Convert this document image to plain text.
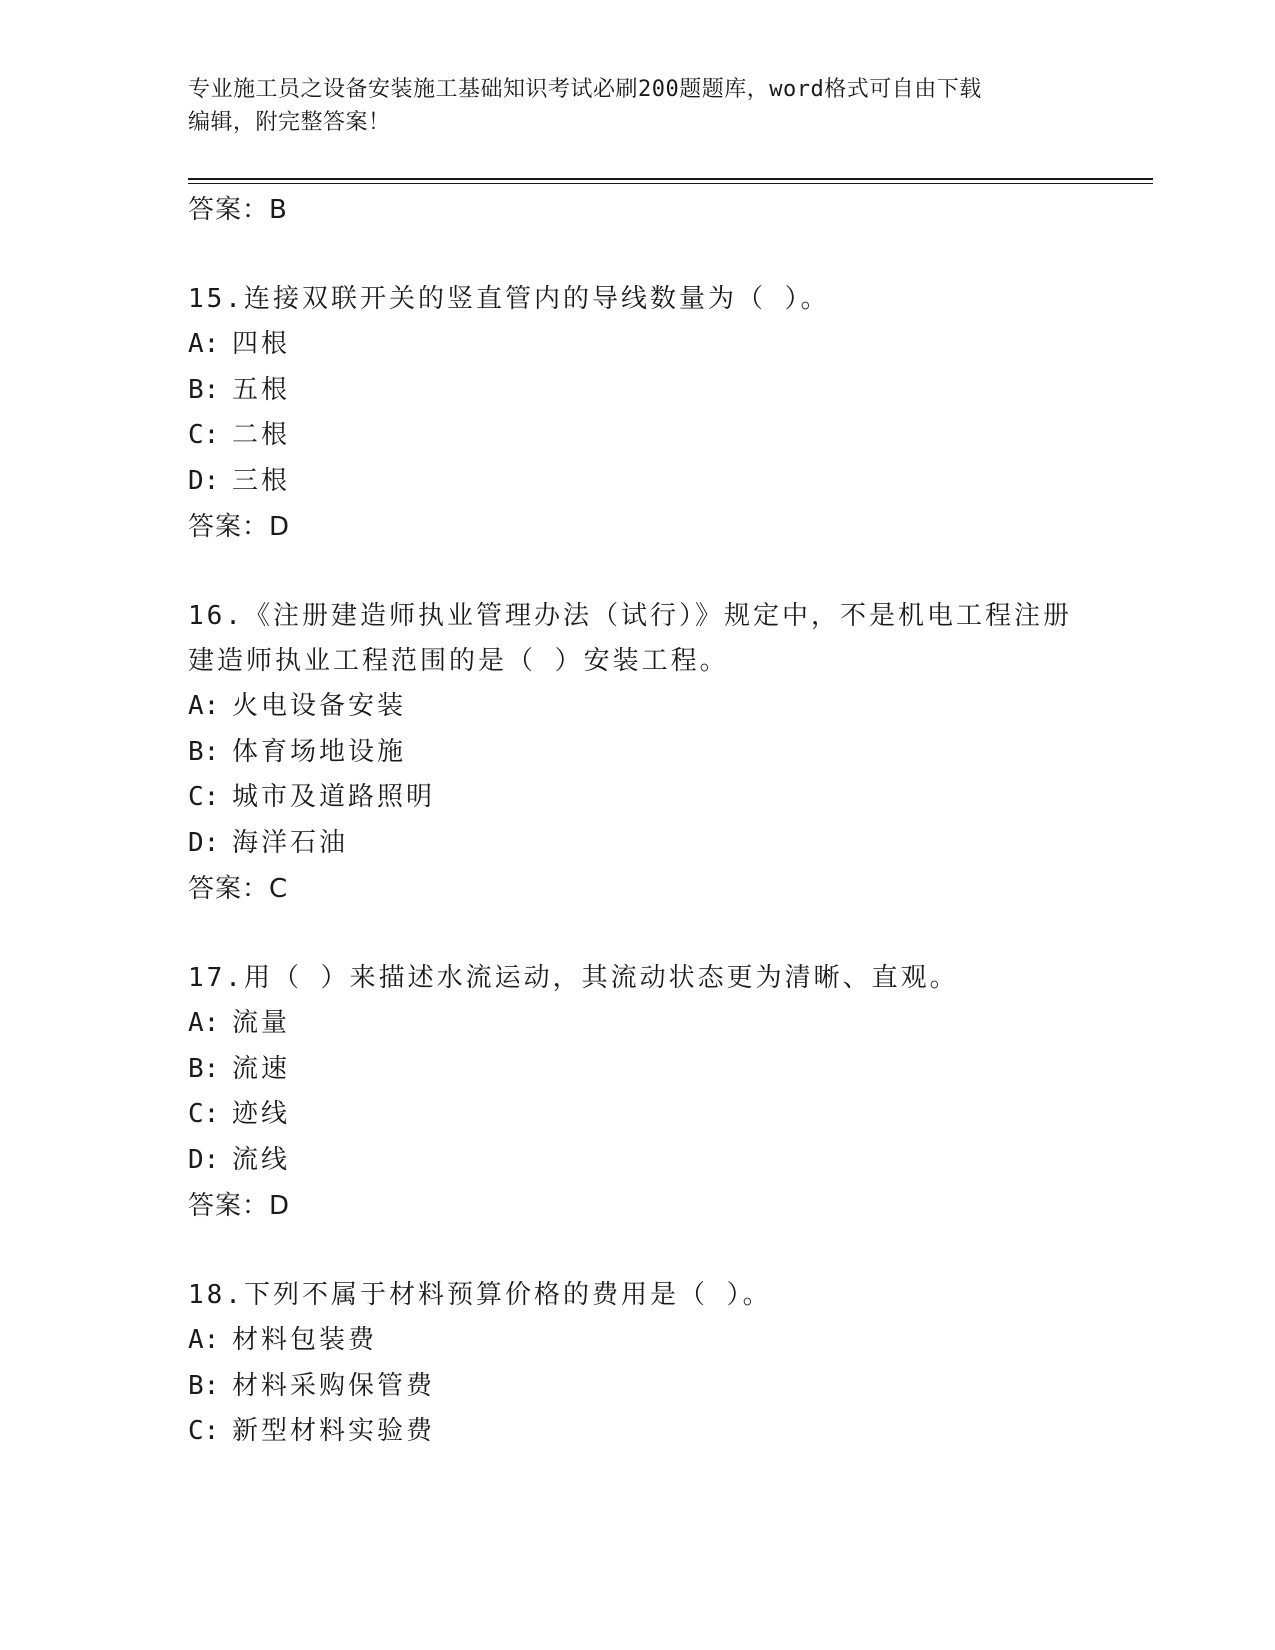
专业施工员之设备安装施工基础知识考试必刷200题题库，word格式可自由下载
编辑，附完整答案！
答案：B
15.连接双联开关的竖直管内的导线数量为（ ）。
A: 四根
B: 五根
C: 二根
D: 三根
答案：D
16.《注册建造师执业管理办法（试行）》规定中，不是机电工程注册
建造师执业工程范围的是（ ）安装工程。
A: 火电设备安装
B: 体育场地设施
C: 城市及道路照明
D: 海洋石油
答案：C
17.用（ ）来描述水流运动，其流动状态更为清晰、直观。
A: 流量
B: 流速
C: 迹线
D: 流线
答案：D
18.下列不属于材料预算价格的费用是（ ）。
A: 材料包装费
B: 材料采购保管费
C: 新型材料实验费
